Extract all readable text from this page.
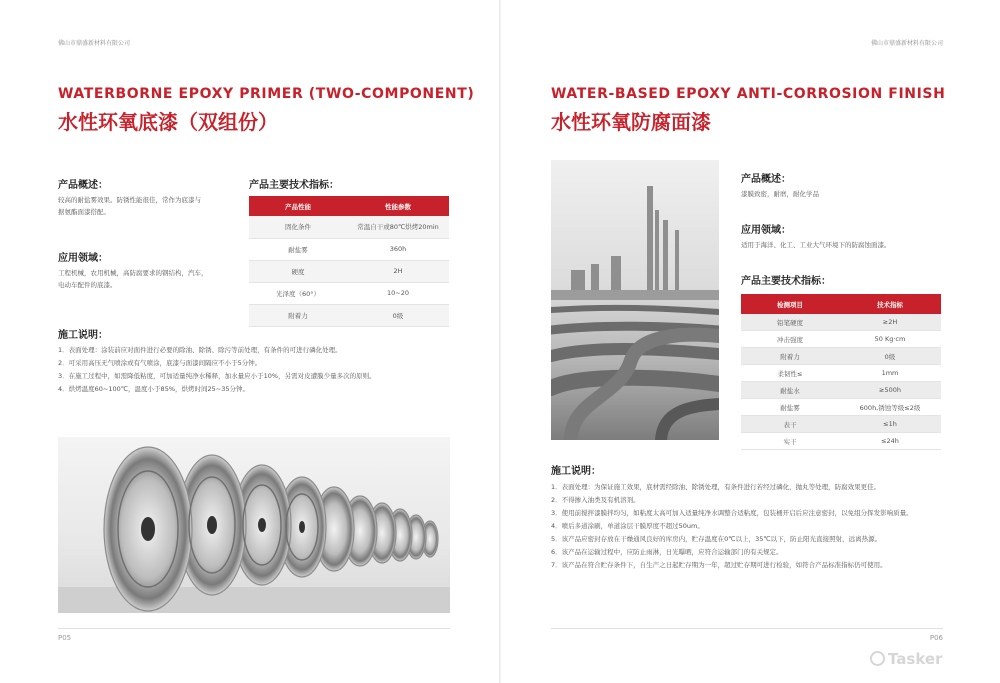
佛山市鼎盛新材料有限公司
WATERBORNE EPOXY PRIMER (TWO-COMPONENT)
水性环氧底漆（双组份）
产品概述：
较高的耐盐雾效果。防锈性能很佳，常作为底漆与
据氨酯面漆搭配。
应用领域：
工程机械，农用机械，高防腐要求的钢结构，汽车，
电动车配件的底漆。
产品主要技术指标：
产品性能	性能参数
固化条件	常温自干或80℃烘烤20min
耐盐雾	360h
硬度	2H
光泽度（60°）	10~20
附着力	0级
施工说明：
1．表面处理：涂装前应对面件进行必要的除油、除锈、除污等前处理，有条件的可进行磷化处理。
2．可采用高压无气喷涂或有气喷涂，底漆与面漆间隔应不小于5分钟。
3．在施工过程中，如需降低粘度，可加适量纯净水稀释，加水量应小于10%，另需对皮遭膜少量多次的原则。
4．烘烤温度60~100℃，温度小于85%，烘烤时间25~35分钟。
P05
佛山市鼎盛新材料有限公司
WATER-BASED EPOXY ANTI-CORROSION FINISH
水性环氧防腐面漆
产品概述：
漆膜致密，耐磨，耐化学品
应用领域：
适用于海洋、化工、工业大气环境下的防腐蚀面漆。
产品主要技术指标：
检测项目	技术指标
铅笔硬度	≥2H
冲击强度	50 Kg·cm
附着力	0级
柔韧性≤	1mm
耐盐水	≥500h
耐盐雾	600h,锈蚀等级≤2级
表干	≤1h
实干	≤24h
施工说明：
1．表面处理：为保证施工效果，底材需经除油、除锈处理，有条件进行若经过磷化，抛丸等处理，防腐效果更佳。
2．不得掺入油类及有机溶剂。
3．使用前搅拌漆膜拌均匀，如粘度太高可加入适量纯净水调整合适粘度，包装桶开启后应注意密封，以免组分挥发影响质量。
4．喷后多道涂刷，单道涂层干膜厚度不超过50um。
5．该产品应密封存放在干燥通风良好的库房内，贮存温度在0℃以上，35℃以下，防止阳光直接照射，远离热源。
6．该产品在运输过程中，应防止雨淋，日光曝晒，应符合运输部门的有关规定。
7．该产品在符合贮存条件下，自生产之日起贮存期为一年，超过贮存期可进行检验，如符合产品标准指标仍可使用。
P06
Tasker
